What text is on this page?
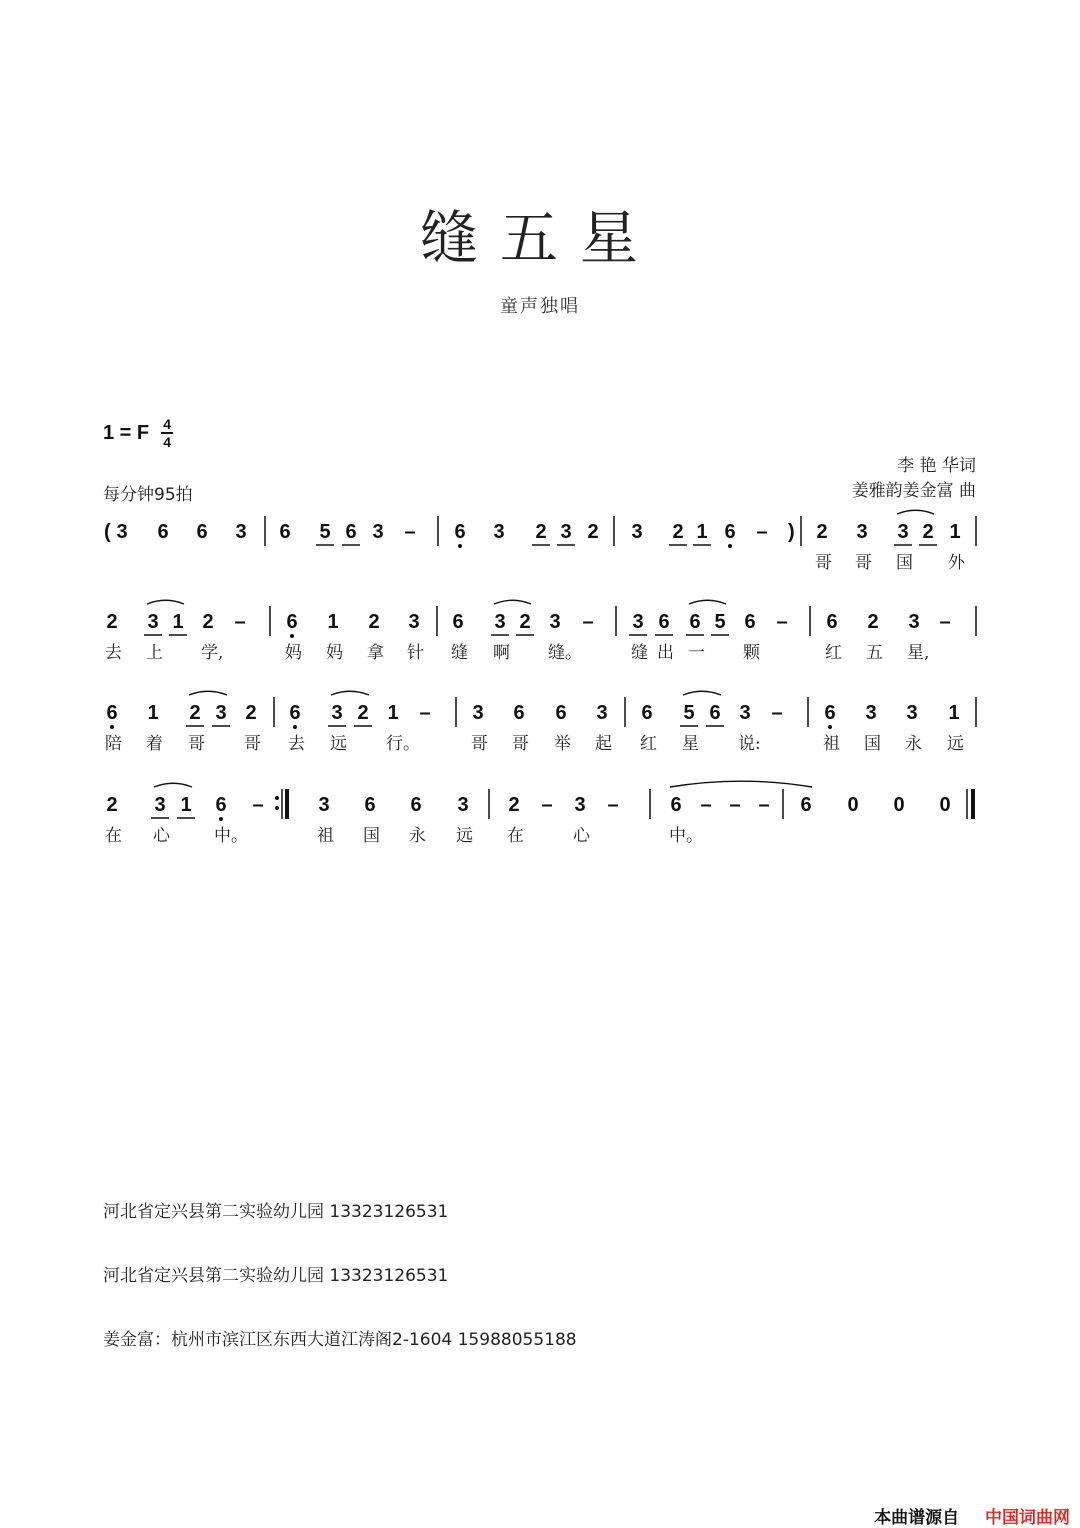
缝五星
童声独唱
1 = F 4
4
每分钟95拍
李 艳 华词
姜雅韵姜金富 曲
( 3 6 6 3 6 5 6 3 – 6 3 2 3 2 3 2 1 6 – ) 2
哥
3
哥
3
国
2 1
外
2
去
3
上
1 2
学,
– 6
妈
1
妈
2
拿
3
针
6
缝
3
啊
2 3
缝。
– 3
缝
6
出
6
一
5 6
颗
– 6
红
2
五
3
星,
–
6
陪
1
着
2
哥
3 2
哥
6
去
3
远
2 1
行。
– 3
哥
6
哥
6
举
3
起
6
红
5
星
6 3
说:
– 6
祖
3
国
3
永
1
远
2
在
3
心
1 6
中。
–	3
祖
6
国
6
永
3
远
2
在
– 3
心
–	6
中。
– – – 6 0 0 0
河北省定兴县第二实验幼儿园 13323126531
河北省定兴县第二实验幼儿园 13323126531
姜金富：杭州市滨江区东西大道江涛阁2-1604 15988055188
本曲谱源自 中国词曲网
